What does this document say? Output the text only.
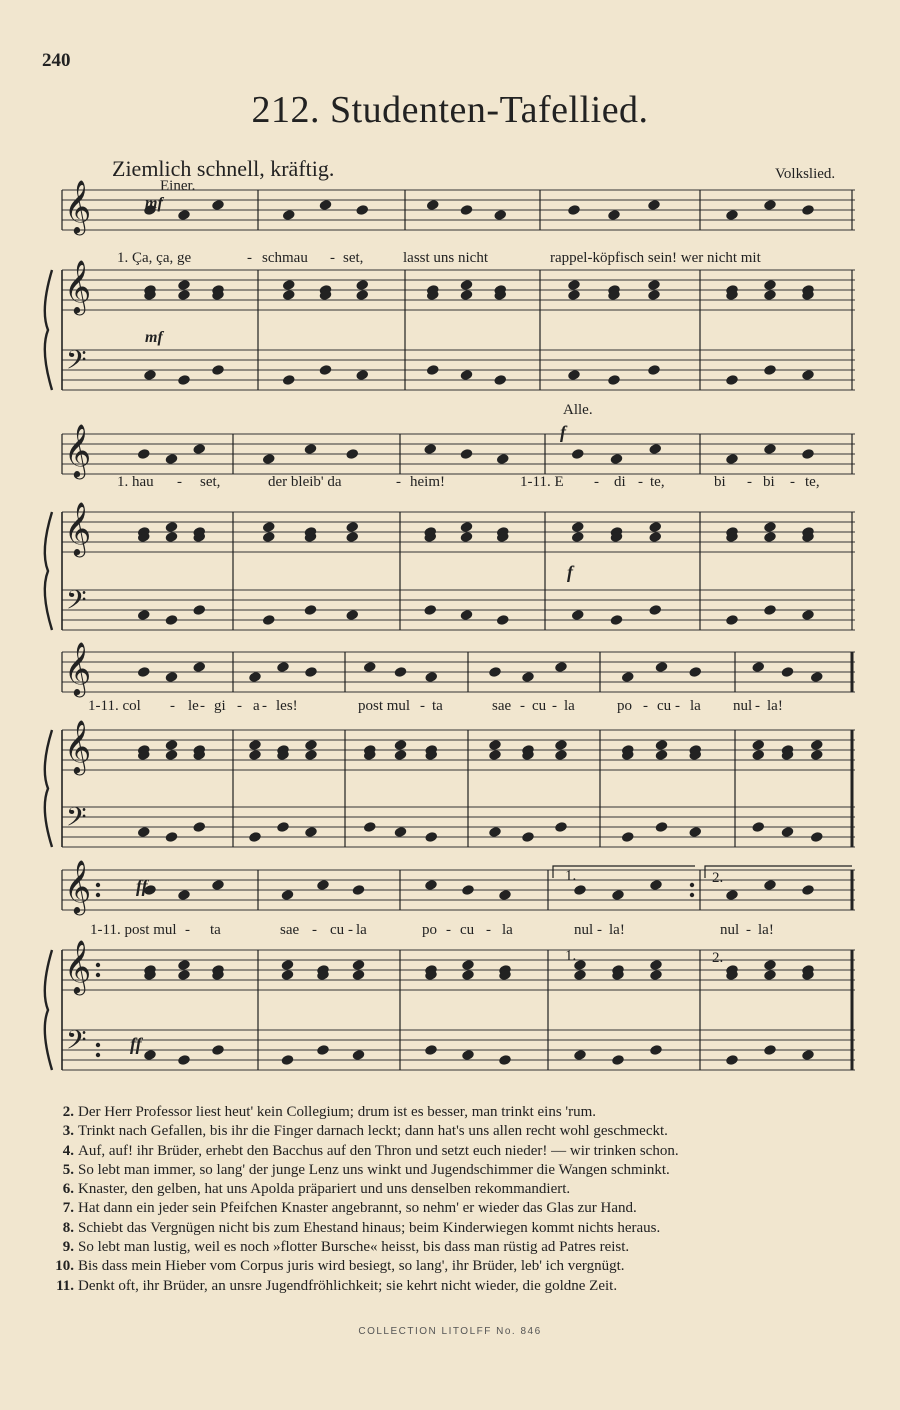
240
212. Studenten-Tafellied.
Ziemlich schnell, kräftig.	Volkslied.
Einer.
Alle.
𝄞
𝄞
𝄢
𝄞
𝄞
𝄢
𝄞
𝄞
𝄢
𝄞
𝄞
𝄢
mf
mf
f
f
ff
ff
1.	2.
1.	2.
1. Ça, ça, ge	- schmau - set,	lasst uns nicht	rappel-köpfisch sein! wer nicht mit
1. hau - set,	der bleib' da	- heim!	1-11. E - di - te,	bi - bi - te,
1-11. col - le - gi - a - les!	post mul - ta	sae - cu - la	po - cu - la nul - la!
1-11. post mul - ta	sae - cu - la	po - cu - la	nul - la!	nul - la!
2. Der Herr Professor liest heut' kein Collegium; drum ist es besser, man trinkt eins 'rum.
3. Trinkt nach Gefallen, bis ihr die Finger darnach leckt; dann hat's uns allen recht wohl geschmeckt.
4. Auf, auf! ihr Brüder, erhebt den Bacchus auf den Thron und setzt euch nieder! — wir trinken schon.
5. So lebt man immer, so lang' der junge Lenz uns winkt und Jugendschimmer die Wangen schminkt.
6. Knaster, den gelben, hat uns Apolda präpariert und uns denselben rekommandiert.
7. Hat dann ein jeder sein Pfeifchen Knaster angebrannt, so nehm' er wieder das Glas zur Hand.
8. Schiebt das Vergnügen nicht bis zum Ehestand hinaus; beim Kinderwiegen kommt nichts heraus.
9. So lebt man lustig, weil es noch »flotter Bursche« heisst, bis dass man rüstig ad Patres reist.
10. Bis dass mein Hieber vom Corpus juris wird besiegt, so lang', ihr Brüder, leb' ich vergnügt.
11. Denkt oft, ihr Brüder, an unsre Jugendfröhlichkeit; sie kehrt nicht wieder, die goldne Zeit.
COLLECTION LITOLFF No. 846
